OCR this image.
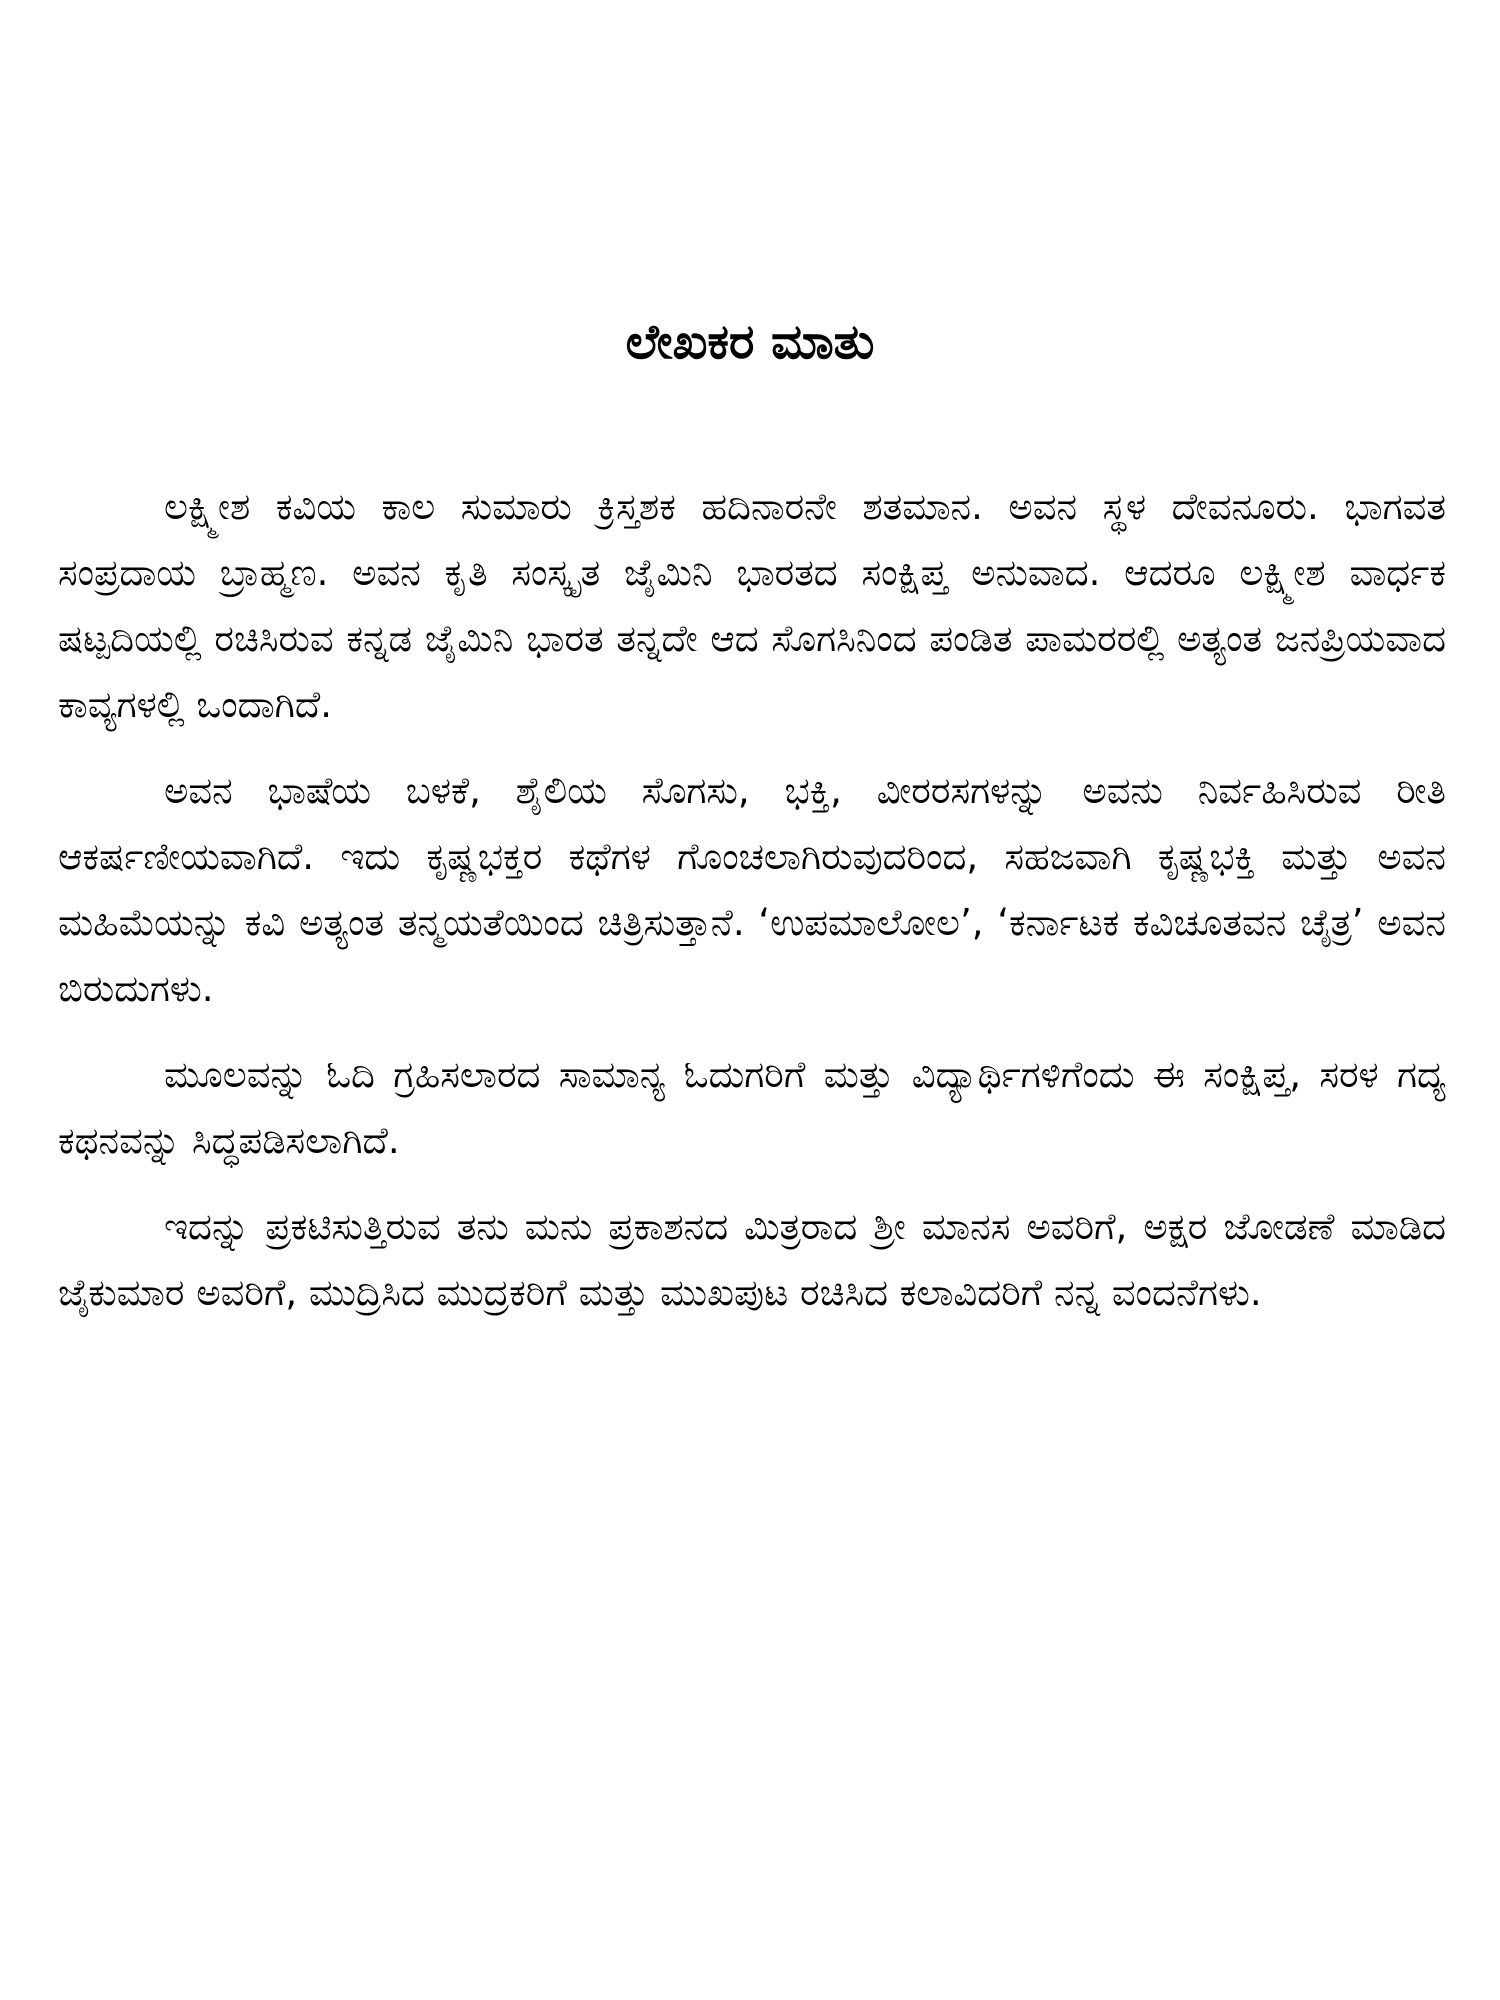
ಲೇಖಕರ ಮಾತು

ಲಕ್ಷ್ಮೀಶ ಕವಿಯ ಕಾಲ ಸುಮಾರು ಕ್ರಿಸ್ತಶಕ ಹದಿನಾರನೇ ಶತಮಾನ. ಅವನ ಸ್ಥಳ ದೇವನೂರು. ಭಾಗವತ ಸಂಪ್ರದಾಯ ಬ್ರಾಹ್ಮಣ. ಅವನ ಕೃತಿ ಸಂಸ್ಕೃತ ಜೈಮಿನಿ ಭಾರತದ ಸಂಕ್ಷಿಪ್ತ ಅನುವಾದ. ಆದರೂ ಲಕ್ಷ್ಮೀಶ ವಾರ್ಧಕ ಷಟ್ಪದಿಯಲ್ಲಿ ರಚಿಸಿರುವ ಕನ್ನಡ ಜೈಮಿನಿ ಭಾರತ ತನ್ನದೇ ಆದ ಸೊಗಸಿನಿಂದ ಪಂಡಿತ ಪಾಮರರಲ್ಲಿ ಅತ್ಯಂತ ಜನಪ್ರಿಯವಾದ ಕಾವ್ಯಗಳಲ್ಲಿ ಒಂದಾಗಿದೆ.

ಅವನ ಭಾಷೆಯ ಬಳಕೆ, ಶೈಲಿಯ ಸೊಗಸು, ಭಕ್ತಿ, ವೀರರಸಗಳನ್ನು ಅವನು ನಿರ್ವಹಿಸಿರುವ ರೀತಿ ಆಕರ್ಷಣೀಯವಾಗಿದೆ. ಇದು ಕೃಷ್ಣಭಕ್ತರ ಕಥೆಗಳ ಗೊಂಚಲಾಗಿರುವುದರಿಂದ, ಸಹಜವಾಗಿ ಕೃಷ್ಣಭಕ್ತಿ ಮತ್ತು ಅವನ ಮಹಿಮೆಯನ್ನು ಕವಿ ಅತ್ಯಂತ ತನ್ಮಯತೆಯಿಂದ ಚಿತ್ರಿಸುತ್ತಾನೆ. ‘ಉಪಮಾಲೋಲ’, ‘ಕರ್ನಾಟಕ ಕವಿಚೂತವನ ಚೈತ್ರ’ ಅವನ ಬಿರುದುಗಳು.

ಮೂಲವನ್ನು ಓದಿ ಗ್ರಹಿಸಲಾರದ ಸಾಮಾನ್ಯ ಓದುಗರಿಗೆ ಮತ್ತು ವಿದ್ಯಾರ್ಥಿಗಳಿಗೆಂದು ಈ ಸಂಕ್ಷಿಪ್ತ, ಸರಳ ಗದ್ಯ ಕಥನವನ್ನು ಸಿದ್ಧಪಡಿಸಲಾಗಿದೆ.

ಇದನ್ನು ಪ್ರಕಟಿಸುತ್ತಿರುವ ತನು ಮನು ಪ್ರಕಾಶನದ ಮಿತ್ರರಾದ ಶ್ರೀ ಮಾನಸ ಅವರಿಗೆ, ಅಕ್ಷರ ಜೋಡಣೆ ಮಾಡಿದ ಜೈಕುಮಾರ ಅವರಿಗೆ, ಮುದ್ರಿಸಿದ ಮುದ್ರಕರಿಗೆ ಮತ್ತು ಮುಖಪುಟ ರಚಿಸಿದ ಕಲಾವಿದರಿಗೆ ನನ್ನ ವಂದನೆಗಳು.
